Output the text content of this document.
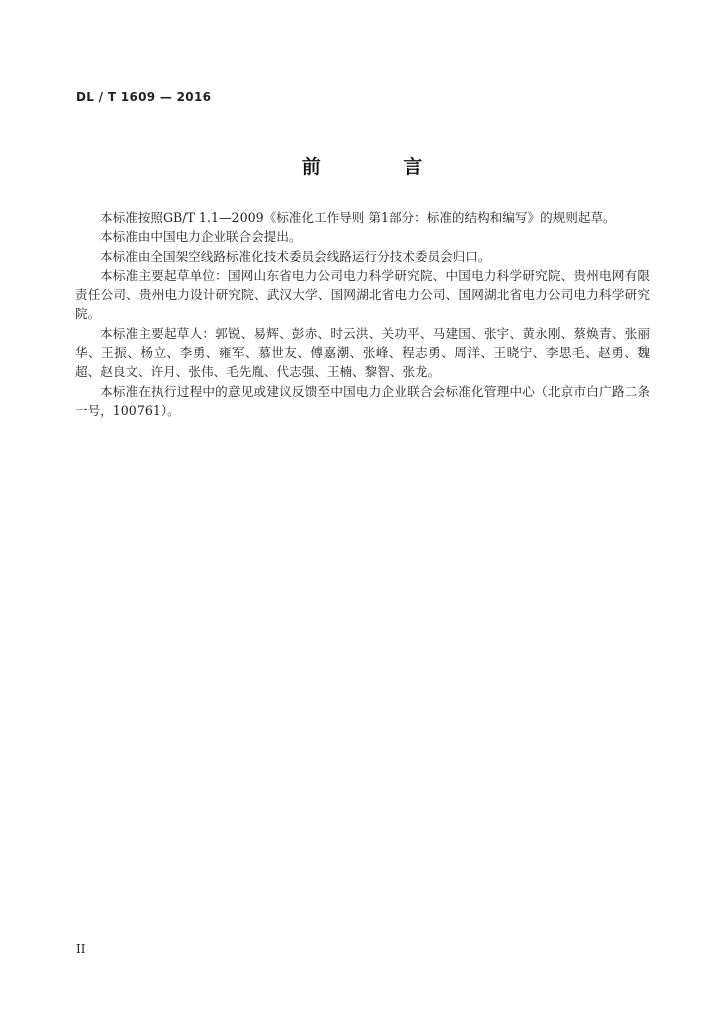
DL / T 1609 — 2016
前 言

本标准按照GB/T 1.1—2009《标准化工作导则 第1部分：标准的结构和编写》的规则起草。

本标准由中国电力企业联合会提出。

本标准由全国架空线路标准化技术委员会线路运行分技术委员会归口。

本标准主要起草单位：国网山东省电力公司电力科学研究院、中国电力科学研究院、贵州电网有限责任公司、贵州电力设计研究院、武汉大学、国网湖北省电力公司、国网湖北省电力公司电力科学研究院。

本标准主要起草人：郭锐、易辉、彭赤、时云洪、关功平、马建国、张宇、黄永刚、蔡焕青、张丽华、王振、杨立、李勇、雍军、慕世友、傅嘉潮、张峰、程志勇、周洋、王晓宁、李思毛、赵勇、魏超、赵良文、许月、张伟、毛先胤、代志强、王楠、黎智、张龙。

本标准在执行过程中的意见或建议反馈至中国电力企业联合会标准化管理中心（北京市白广路二条一号，100761）。

II
